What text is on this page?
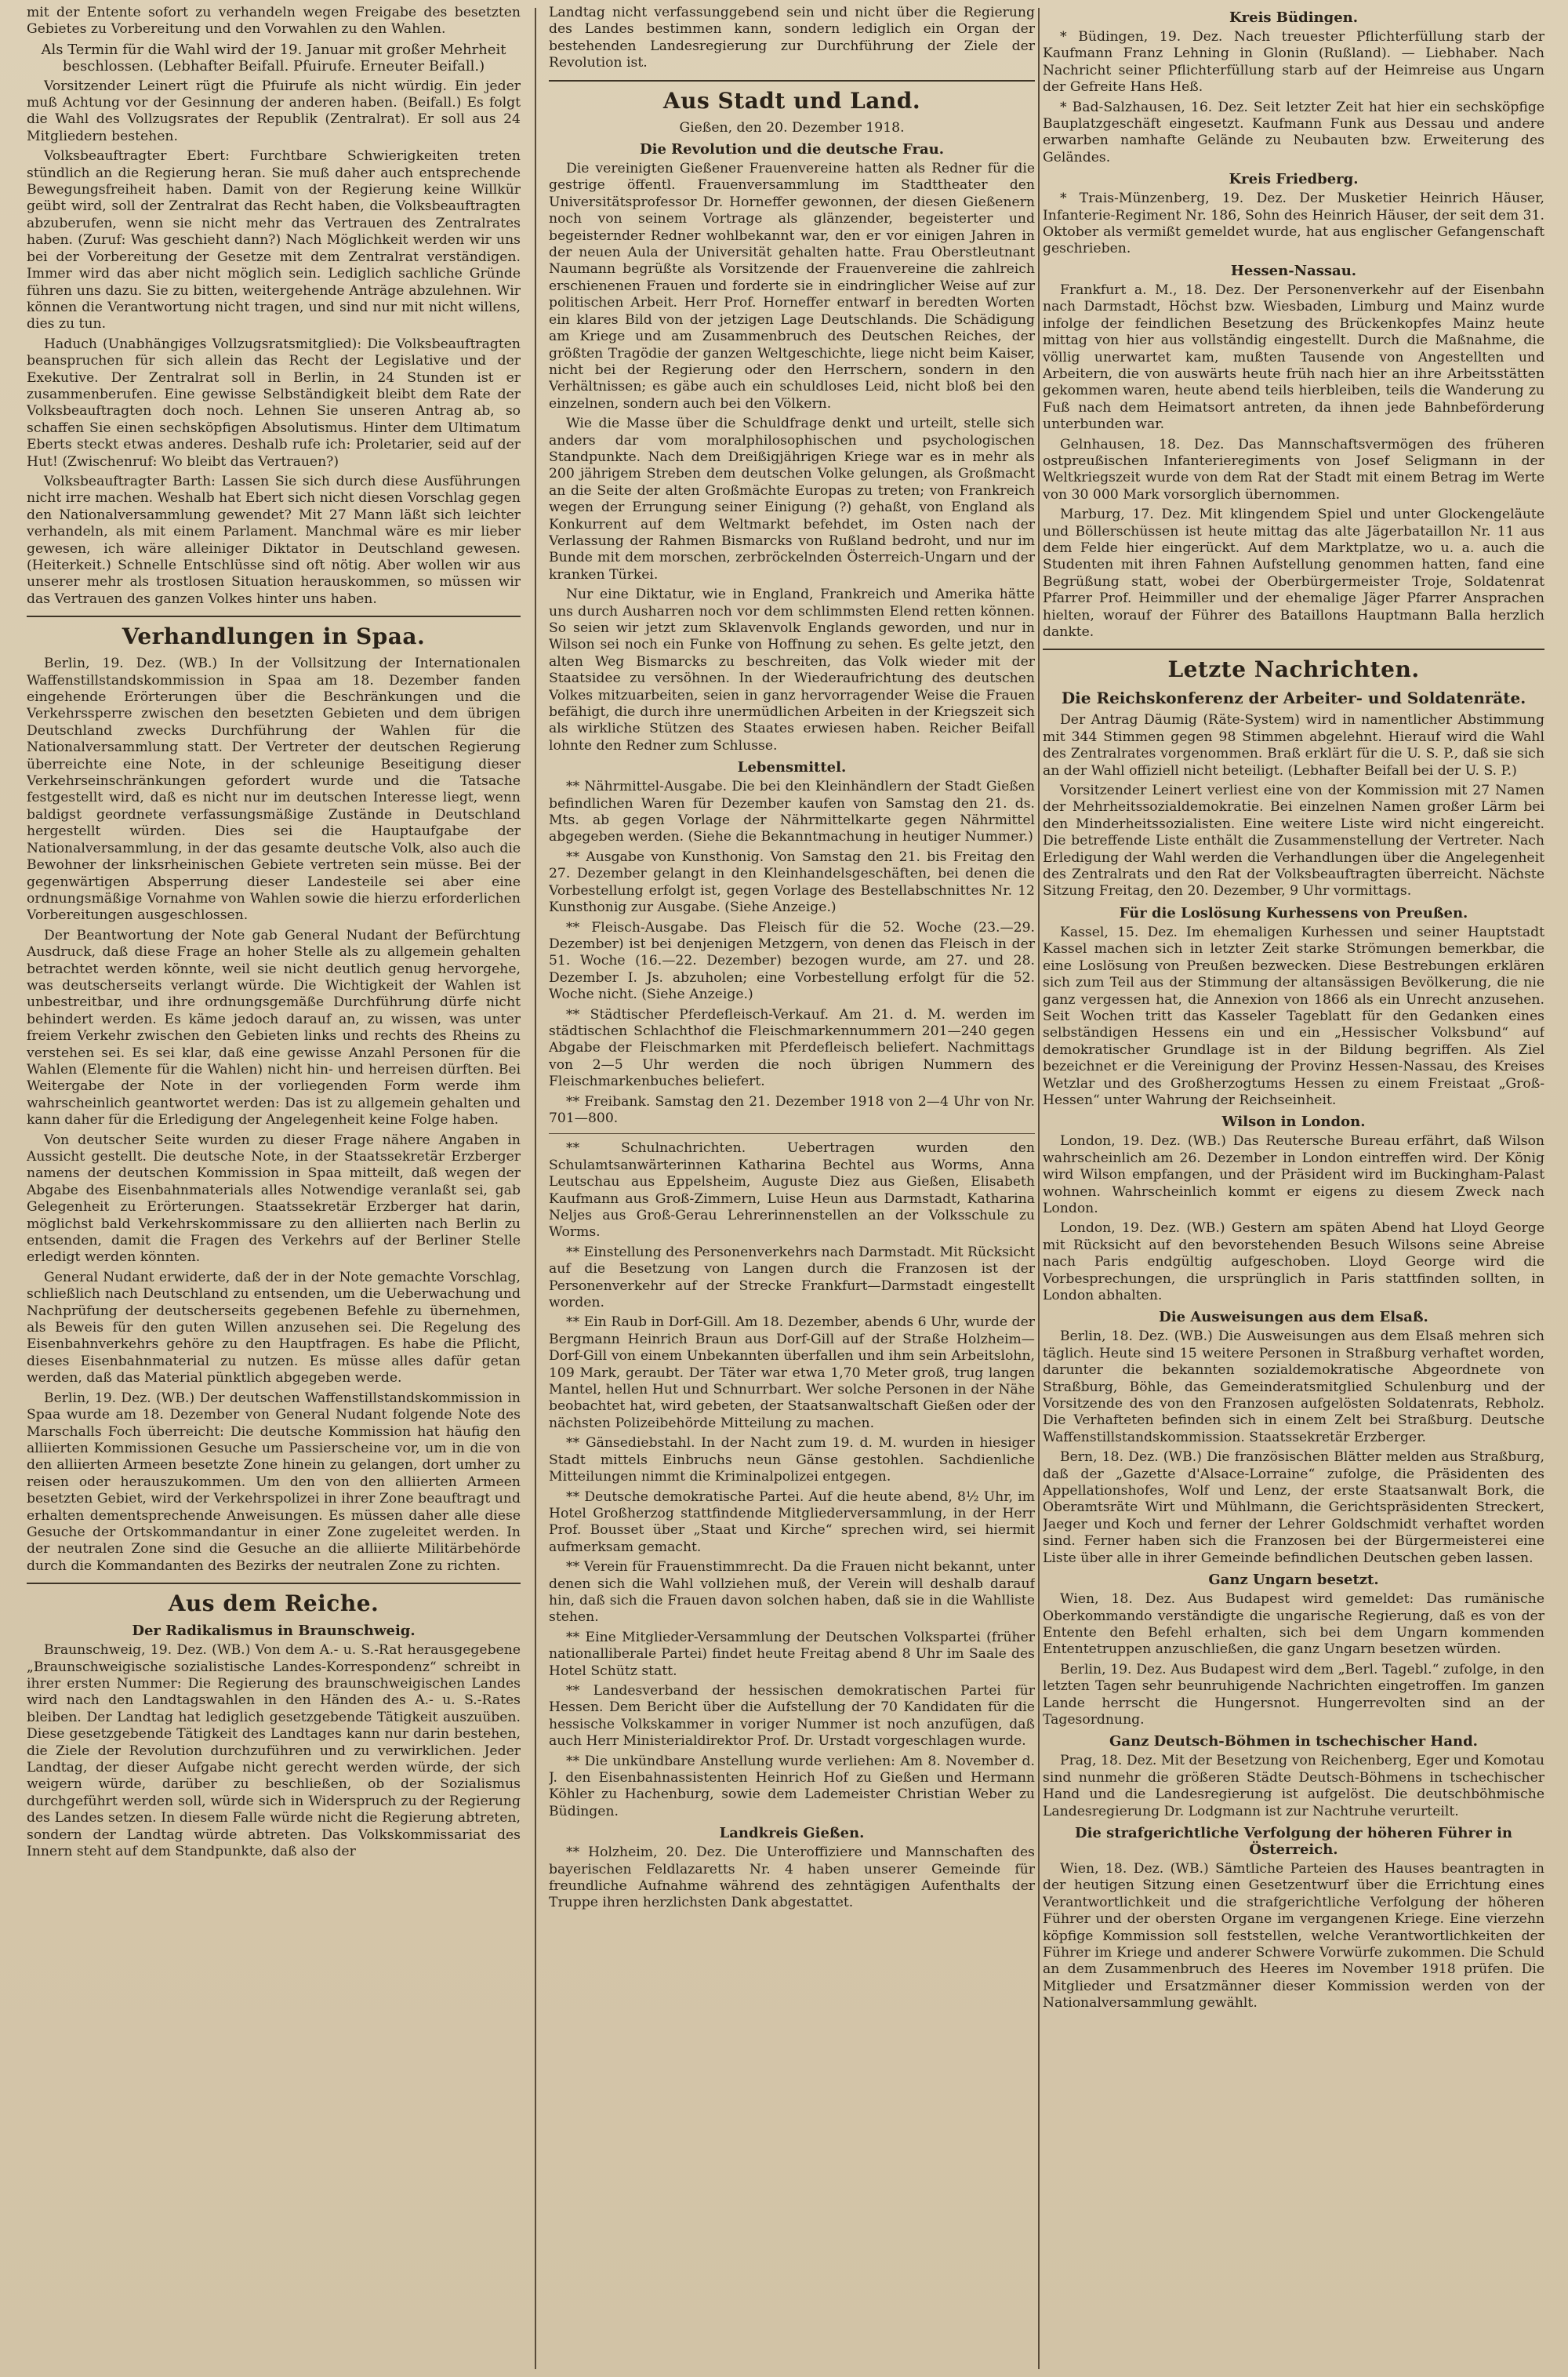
mit der Entente sofort zu verhandeln wegen Freigabe des besetzten Gebietes zu Vorbereitung und den Vorwahlen zu den Wahlen.

Als Termin für die Wahl wird der 19. Januar mit großer Mehrheit beschlossen. (Lebhafter Beifall. Pfuirufe. Erneuter Beifall.)

Vorsitzender Leinert rügt die Pfuirufe als nicht würdig. Ein jeder muß Achtung vor der Gesinnung der anderen haben. (Beifall.) Es folgt die Wahl des Vollzugsrates der Republik (Zentralrat). Er soll aus 24 Mitgliedern bestehen.

Volksbeauftragter Ebert: Furchtbare Schwierigkeiten treten stündlich an die Regierung heran. Sie muß daher auch entsprechende Bewegungsfreiheit haben. Damit von der Regierung keine Willkür geübt wird, soll der Zentralrat das Recht haben, die Volksbeauftragten abzuberufen, wenn sie nicht mehr das Vertrauen des Zentralrates haben. (Zuruf: Was geschieht dann?) Nach Möglichkeit werden wir uns bei der Vorbereitung der Gesetze mit dem Zentralrat verständigen. Immer wird das aber nicht möglich sein. Lediglich sachliche Gründe führen uns dazu. Sie zu bitten, weitergehende Anträge abzulehnen. Wir können die Verantwortung nicht tragen, und sind nur mit nicht willens, dies zu tun.

Haduch (Unabhängiges Vollzugsratsmitglied): Die Volksbeauftragten beanspruchen für sich allein das Recht der Legislative und der Exekutive. Der Zentralrat soll in Berlin, in 24 Stunden ist er zusammenberufen. Eine gewisse Selbständigkeit bleibt dem Rate der Volksbeauftragten doch noch. Lehnen Sie unseren Antrag ab, so schaffen Sie einen sechsköpfigen Absolutismus. Hinter dem Ultimatum Eberts steckt etwas anderes. Deshalb rufe ich: Proletarier, seid auf der Hut! (Zwischenruf: Wo bleibt das Vertrauen?)

Volksbeauftragter Barth: Lassen Sie sich durch diese Ausführungen nicht irre machen. Weshalb hat Ebert sich nicht diesen Vorschlag gegen den Nationalversammlung gewendet? Mit 27 Mann läßt sich leichter verhandeln, als mit einem Parlament. Manchmal wäre es mir lieber gewesen, ich wäre alleiniger Diktator in Deutschland gewesen. (Heiterkeit.) Schnelle Entschlüsse sind oft nötig. Aber wollen wir aus unserer mehr als trostlosen Situation herauskommen, so müssen wir das Vertrauen des ganzen Volkes hinter uns haben.

Verhandlungen in Spaa.

Berlin, 19. Dez. (WB.) In der Vollsitzung der Internationalen Waffenstillstandskommission in Spaa am 18. Dezember fanden eingehende Erörterungen über die Beschränkungen und die Verkehrssperre zwischen den besetzten Gebieten und dem übrigen Deutschland zwecks Durchführung der Wahlen für die Nationalversammlung statt. Der Vertreter der deutschen Regierung überreichte eine Note, in der schleunige Beseitigung dieser Verkehrseinschränkungen gefordert wurde und die Tatsache festgestellt wird, daß es nicht nur im deutschen Interesse liegt, wenn baldigst geordnete verfassungsmäßige Zustände in Deutschland hergestellt würden. Dies sei die Hauptaufgabe der Nationalversammlung, in der das gesamte deutsche Volk, also auch die Bewohner der linksrheinischen Gebiete vertreten sein müsse. Bei der gegenwärtigen Absperrung dieser Landesteile sei aber eine ordnungsmäßige Vornahme von Wahlen sowie die hierzu erforderlichen Vorbereitungen ausgeschlossen.

Der Beantwortung der Note gab General Nudant der Befürchtung Ausdruck, daß diese Frage an hoher Stelle als zu allgemein gehalten betrachtet werden könnte, weil sie nicht deutlich genug hervorgehe, was deutscherseits verlangt würde. Die Wichtigkeit der Wahlen ist unbestreitbar, und ihre ordnungsgemäße Durchführung dürfe nicht behindert werden. Es käme jedoch darauf an, zu wissen, was unter freiem Verkehr zwischen den Gebieten links und rechts des Rheins zu verstehen sei. Es sei klar, daß eine gewisse Anzahl Personen für die Wahlen (Elemente für die Wahlen) nicht hin- und herreisen dürften. Bei Weitergabe der Note in der vorliegenden Form werde ihm wahrscheinlich geantwortet werden: Das ist zu allgemein gehalten und kann daher für die Erledigung der Angelegenheit keine Folge haben.

Von deutscher Seite wurden zu dieser Frage nähere Angaben in Aussicht gestellt. Die deutsche Note, in der Staatssekretär Erzberger namens der deutschen Kommission in Spaa mitteilt, daß wegen der Abgabe des Eisenbahnmaterials alles Notwendige veranlaßt sei, gab Gelegenheit zu Erörterungen. Staatssekretär Erzberger hat darin, möglichst bald Verkehrskommissare zu den alliierten nach Berlin zu entsenden, damit die Fragen des Verkehrs auf der Berliner Stelle erledigt werden könnten.

General Nudant erwiderte, daß der in der Note gemachte Vorschlag, schließlich nach Deutschland zu entsenden, um die Ueberwachung und Nachprüfung der deutscherseits gegebenen Befehle zu übernehmen, als Beweis für den guten Willen anzusehen sei. Die Regelung des Eisenbahnverkehrs gehöre zu den Hauptfragen. Es habe die Pflicht, dieses Eisenbahnmaterial zu nutzen. Es müsse alles dafür getan werden, daß das Material pünktlich abgegeben werde.

Berlin, 19. Dez. (WB.) Der deutschen Waffenstillstandskommission in Spaa wurde am 18. Dezember von General Nudant folgende Note des Marschalls Foch überreicht: Die deutsche Kommission hat häufig den alliierten Kommissionen Gesuche um Passierscheine vor, um in die von den alliierten Armeen besetzte Zone hinein zu gelangen, dort umher zu reisen oder herauszukommen. Um den von den alliierten Armeen besetzten Gebiet, wird der Verkehrspolizei in ihrer Zone beauftragt und erhalten dementsprechende Anweisungen. Es müssen daher alle diese Gesuche der Ortskommandantur in einer Zone zugeleitet werden. In der neutralen Zone sind die Gesuche an die alliierte Militärbehörde durch die Kommandanten des Bezirks der neutralen Zone zu richten.

Aus dem Reiche.
Der Radikalismus in Braunschweig.

Braunschweig, 19. Dez. (WB.) Von dem A.- u. S.-Rat herausgegebene „Braunschweigische sozialistische Landes-Korrespondenz“ schreibt in ihrer ersten Nummer: Die Regierung des braunschweigischen Landes wird nach den Landtagswahlen in den Händen des A.- u. S.-Rates bleiben. Der Landtag hat lediglich gesetzgebende Tätigkeit auszuüben. Diese gesetzgebende Tätigkeit des Landtages kann nur darin bestehen, die Ziele der Revolution durchzuführen und zu verwirklichen. Jeder Landtag, der dieser Aufgabe nicht gerecht werden würde, der sich weigern würde, darüber zu beschließen, ob der Sozialismus durchgeführt werden soll, würde sich in Widerspruch zu der Regierung des Landes setzen. In diesem Falle würde nicht die Regierung abtreten, sondern der Landtag würde abtreten. Das Volkskommissariat des Innern steht auf dem Standpunkte, daß also der

Landtag nicht verfassunggebend sein und nicht über die Regierung des Landes bestimmen kann, sondern lediglich ein Organ der bestehenden Landesregierung zur Durchführung der Ziele der Revolution ist.

Aus Stadt und Land.

Gießen, den 20. Dezember 1918.

Die Revolution und die deutsche Frau.

Die vereinigten Gießener Frauenvereine hatten als Redner für die gestrige öffentl. Frauenversammlung im Stadttheater den Universitätsprofessor Dr. Horneffer gewonnen, der diesen Gießenern noch von seinem Vortrage als glänzender, begeisterter und begeisternder Redner wohlbekannt war, den er vor einigen Jahren in der neuen Aula der Universität gehalten hatte. Frau Oberstleutnant Naumann begrüßte als Vorsitzende der Frauenvereine die zahlreich erschienenen Frauen und forderte sie in eindringlicher Weise auf zur politischen Arbeit. Herr Prof. Horneffer entwarf in beredten Worten ein klares Bild von der jetzigen Lage Deutschlands. Die Schädigung am Kriege und am Zusammenbruch des Deutschen Reiches, der größten Tragödie der ganzen Weltgeschichte, liege nicht beim Kaiser, nicht bei der Regierung oder den Herrschern, sondern in den Verhältnissen; es gäbe auch ein schuldloses Leid, nicht bloß bei den einzelnen, sondern auch bei den Völkern.

Wie die Masse über die Schuldfrage denkt und urteilt, stelle sich anders dar vom moralphilosophischen und psychologischen Standpunkte. Nach dem Dreißigjährigen Kriege war es in mehr als 200 jährigem Streben dem deutschen Volke gelungen, als Großmacht an die Seite der alten Großmächte Europas zu treten; von Frankreich wegen der Errungung seiner Einigung (?) gehaßt, von England als Konkurrent auf dem Weltmarkt befehdet, im Osten nach der Verlassung der Rahmen Bismarcks von Rußland bedroht, und nur im Bunde mit dem morschen, zerbröckelnden Österreich-Ungarn und der kranken Türkei.

Nur eine Diktatur, wie in England, Frankreich und Amerika hätte uns durch Ausharren noch vor dem schlimmsten Elend retten können. So seien wir jetzt zum Sklavenvolk Englands geworden, und nur in Wilson sei noch ein Funke von Hoffnung zu sehen. Es gelte jetzt, den alten Weg Bismarcks zu beschreiten, das Volk wieder mit der Staatsidee zu versöhnen. In der Wiederaufrichtung des deutschen Volkes mitzuarbeiten, seien in ganz hervorragender Weise die Frauen befähigt, die durch ihre unermüdlichen Arbeiten in der Kriegszeit sich als wirkliche Stützen des Staates erwiesen haben. Reicher Beifall lohnte den Redner zum Schlusse.

Lebensmittel.

** Nährmittel-Ausgabe. Die bei den Kleinhändlern der Stadt Gießen befindlichen Waren für Dezember kaufen von Samstag den 21. ds. Mts. ab gegen Vorlage der Nährmittelkarte gegen Nährmittel abgegeben werden. (Siehe die Bekanntmachung in heutiger Nummer.)

** Ausgabe von Kunsthonig. Von Samstag den 21. bis Freitag den 27. Dezember gelangt in den Kleinhandelsgeschäften, bei denen die Vorbestellung erfolgt ist, gegen Vorlage des Bestellabschnittes Nr. 12 Kunsthonig zur Ausgabe. (Siehe Anzeige.)

** Fleisch-Ausgabe. Das Fleisch für die 52. Woche (23.—29. Dezember) ist bei denjenigen Metzgern, von denen das Fleisch in der 51. Woche (16.—22. Dezember) bezogen wurde, am 27. und 28. Dezember I. Js. abzuholen; eine Vorbestellung erfolgt für die 52. Woche nicht. (Siehe Anzeige.)

** Städtischer Pferdefleisch-Verkauf. Am 21. d. M. werden im städtischen Schlachthof die Fleischmarkennummern 201—240 gegen Abgabe der Fleischmarken mit Pferdefleisch beliefert. Nachmittags von 2—5 Uhr werden die noch übrigen Nummern des Fleischmarkenbuches beliefert.

** Freibank. Samstag den 21. Dezember 1918 von 2—4 Uhr von Nr. 701—800.

** Schulnachrichten. Uebertragen wurden den Schulamtsanwärterinnen Katharina Bechtel aus Worms, Anna Leutschau aus Eppelsheim, Auguste Diez aus Gießen, Elisabeth Kaufmann aus Groß-Zimmern, Luise Heun aus Darmstadt, Katharina Neljes aus Groß-Gerau Lehrerinnenstellen an der Volksschule zu Worms.

** Einstellung des Personenverkehrs nach Darmstadt. Mit Rücksicht auf die Besetzung von Langen durch die Franzosen ist der Personenverkehr auf der Strecke Frankfurt—Darmstadt eingestellt worden.

** Ein Raub in Dorf-Gill. Am 18. Dezember, abends 6 Uhr, wurde der Bergmann Heinrich Braun aus Dorf-Gill auf der Straße Holzheim—Dorf-Gill von einem Unbekannten überfallen und ihm sein Arbeitslohn, 109 Mark, geraubt. Der Täter war etwa 1,70 Meter groß, trug langen Mantel, hellen Hut und Schnurrbart. Wer solche Personen in der Nähe beobachtet hat, wird gebeten, der Staatsanwaltschaft Gießen oder der nächsten Polizeibehörde Mitteilung zu machen.

** Gänsediebstahl. In der Nacht zum 19. d. M. wurden in hiesiger Stadt mittels Einbruchs neun Gänse gestohlen. Sachdienliche Mitteilungen nimmt die Kriminalpolizei entgegen.

** Deutsche demokratische Partei. Auf die heute abend, 8½ Uhr, im Hotel Großherzog stattfindende Mitgliederversammlung, in der Herr Prof. Bousset über „Staat und Kirche“ sprechen wird, sei hiermit aufmerksam gemacht.

** Verein für Frauenstimmrecht. Da die Frauen nicht bekannt, unter denen sich die Wahl vollziehen muß, der Verein will deshalb darauf hin, daß sich die Frauen davon solchen haben, daß sie in die Wahlliste stehen.

** Eine Mitglieder-Versammlung der Deutschen Volkspartei (früher nationalliberale Partei) findet heute Freitag abend 8 Uhr im Saale des Hotel Schütz statt.

** Landesverband der hessischen demokratischen Partei für Hessen. Dem Bericht über die Aufstellung der 70 Kandidaten für die hessische Volkskammer in voriger Nummer ist noch anzufügen, daß auch Herr Ministerialdirektor Prof. Dr. Urstadt vorgeschlagen wurde.

** Die unkündbare Anstellung wurde verliehen: Am 8. November d. J. den Eisenbahnassistenten Heinrich Hof zu Gießen und Hermann Köhler zu Hachenburg, sowie dem Lademeister Christian Weber zu Büdingen.

Landkreis Gießen.

** Holzheim, 20. Dez. Die Unteroffiziere und Mannschaften des bayerischen Feldlazaretts Nr. 4 haben unserer Gemeinde für freundliche Aufnahme während des zehntägigen Aufenthalts der Truppe ihren herzlichsten Dank abgestattet.

Kreis Büdingen.

* Büdingen, 19. Dez. Nach treuester Pflichterfüllung starb der Kaufmann Franz Lehning in Glonin (Rußland). — Liebhaber. Nach Nachricht seiner Pflichterfüllung starb auf der Heimreise aus Ungarn der Gefreite Hans Heß.

* Bad-Salzhausen, 16. Dez. Seit letzter Zeit hat hier ein sechsköpfige Bauplatzgeschäft eingesetzt. Kaufmann Funk aus Dessau und andere erwarben namhafte Gelände zu Neubauten bzw. Erweiterung des Geländes.

Kreis Friedberg.

* Trais-Münzenberg, 19. Dez. Der Musketier Heinrich Häuser, Infanterie-Regiment Nr. 186, Sohn des Heinrich Häuser, der seit dem 31. Oktober als vermißt gemeldet wurde, hat aus englischer Gefangenschaft geschrieben.

Hessen-Nassau.

Frankfurt a. M., 18. Dez. Der Personenverkehr auf der Eisenbahn nach Darmstadt, Höchst bzw. Wiesbaden, Limburg und Mainz wurde infolge der feindlichen Besetzung des Brückenkopfes Mainz heute mittag von hier aus vollständig eingestellt. Durch die Maßnahme, die völlig unerwartet kam, mußten Tausende von Angestellten und Arbeitern, die von auswärts heute früh nach hier an ihre Arbeitsstätten gekommen waren, heute abend teils hierbleiben, teils die Wanderung zu Fuß nach dem Heimatsort antreten, da ihnen jede Bahnbeförderung unterbunden war.

Gelnhausen, 18. Dez. Das Mannschaftsvermögen des früheren ostpreußischen Infanterieregiments von Josef Seligmann in der Weltkriegszeit wurde von dem Rat der Stadt mit einem Betrag im Werte von 30 000 Mark vorsorglich übernommen.

Marburg, 17. Dez. Mit klingendem Spiel und unter Glockengeläute und Böllerschüssen ist heute mittag das alte Jägerbataillon Nr. 11 aus dem Felde hier eingerückt. Auf dem Marktplatze, wo u. a. auch die Studenten mit ihren Fahnen Aufstellung genommen hatten, fand eine Begrüßung statt, wobei der Oberbürgermeister Troje, Soldatenrat Pfarrer Prof. Heimmiller und der ehemalige Jäger Pfarrer Ansprachen hielten, worauf der Führer des Bataillons Hauptmann Balla herzlich dankte.

Letzte Nachrichten.
Die Reichskonferenz der Arbeiter- und Soldatenräte.

Der Antrag Däumig (Räte-System) wird in namentlicher Abstimmung mit 344 Stimmen gegen 98 Stimmen abgelehnt. Hierauf wird die Wahl des Zentralrates vorgenommen. Braß erklärt für die U. S. P., daß sie sich an der Wahl offiziell nicht beteiligt. (Lebhafter Beifall bei der U. S. P.)

Vorsitzender Leinert verliest eine von der Kommission mit 27 Namen der Mehrheitssozialdemokratie. Bei einzelnen Namen großer Lärm bei den Minderheitssozialisten. Eine weitere Liste wird nicht eingereicht. Die betreffende Liste enthält die Zusammenstellung der Vertreter. Nach Erledigung der Wahl werden die Verhandlungen über die Angelegenheit des Zentralrats und den Rat der Volksbeauftragten überreicht. Nächste Sitzung Freitag, den 20. Dezember, 9 Uhr vormittags.

Für die Loslösung Kurhessens von Preußen.

Kassel, 15. Dez. Im ehemaligen Kurhessen und seiner Hauptstadt Kassel machen sich in letzter Zeit starke Strömungen bemerkbar, die eine Loslösung von Preußen bezwecken. Diese Bestrebungen erklären sich zum Teil aus der Stimmung der altansässigen Bevölkerung, die nie ganz vergessen hat, die Annexion von 1866 als ein Unrecht anzusehen. Seit Wochen tritt das Kasseler Tageblatt für den Gedanken eines selbständigen Hessens ein und ein „Hessischer Volksbund“ auf demokratischer Grundlage ist in der Bildung begriffen. Als Ziel bezeichnet er die Vereinigung der Provinz Hessen-Nassau, des Kreises Wetzlar und des Großherzogtums Hessen zu einem Freistaat „Groß-Hessen“ unter Wahrung der Reichseinheit.

Wilson in London.

London, 19. Dez. (WB.) Das Reutersche Bureau erfährt, daß Wilson wahrscheinlich am 26. Dezember in London eintreffen wird. Der König wird Wilson empfangen, und der Präsident wird im Buckingham-Palast wohnen. Wahrscheinlich kommt er eigens zu diesem Zweck nach London.

London, 19. Dez. (WB.) Gestern am späten Abend hat Lloyd George mit Rücksicht auf den bevorstehenden Besuch Wilsons seine Abreise nach Paris endgültig aufgeschoben. Lloyd George wird die Vorbesprechungen, die ursprünglich in Paris stattfinden sollten, in London abhalten.

Die Ausweisungen aus dem Elsaß.

Berlin, 18. Dez. (WB.) Die Ausweisungen aus dem Elsaß mehren sich täglich. Heute sind 15 weitere Personen in Straßburg verhaftet worden, darunter die bekannten sozialdemokratische Abgeordnete von Straßburg, Böhle, das Gemeinderatsmitglied Schulenburg und der Vorsitzende des von den Franzosen aufgelösten Soldatenrats, Rebholz. Die Verhafteten befinden sich in einem Zelt bei Straßburg. Deutsche Waffenstillstandskommission. Staatssekretär Erzberger.

Bern, 18. Dez. (WB.) Die französischen Blätter melden aus Straßburg, daß der „Gazette d'Alsace-Lorraine“ zufolge, die Präsidenten des Appellationshofes, Wolf und Lenz, der erste Staatsanwalt Bork, die Oberamtsräte Wirt und Mühlmann, die Gerichtspräsidenten Streckert, Jaeger und Koch und ferner der Lehrer Goldschmidt verhaftet worden sind. Ferner haben sich die Franzosen bei der Bürgermeisterei eine Liste über alle in ihrer Gemeinde befindlichen Deutschen geben lassen.

Ganz Ungarn besetzt.

Wien, 18. Dez. Aus Budapest wird gemeldet: Das rumänische Oberkommando verständigte die ungarische Regierung, daß es von der Entente den Befehl erhalten, sich bei dem Ungarn kommenden Ententetruppen anzuschließen, die ganz Ungarn besetzen würden.

Berlin, 19. Dez. Aus Budapest wird dem „Berl. Tagebl.“ zufolge, in den letzten Tagen sehr beunruhigende Nachrichten eingetroffen. Im ganzen Lande herrscht die Hungersnot. Hungerrevolten sind an der Tagesordnung.

Ganz Deutsch-Böhmen in tschechischer Hand.

Prag, 18. Dez. Mit der Besetzung von Reichenberg, Eger und Komotau sind nunmehr die größeren Städte Deutsch-Böhmens in tschechischer Hand und die Landesregierung ist aufgelöst. Die deutschböhmische Landesregierung Dr. Lodgmann ist zur Nachtruhe verurteilt.

Die strafgerichtliche Verfolgung der höheren Führer in Österreich.

Wien, 18. Dez. (WB.) Sämtliche Parteien des Hauses beantragten in der heutigen Sitzung einen Gesetzentwurf über die Errichtung eines Verantwortlichkeit und die strafgerichtliche Verfolgung der höheren Führer und der obersten Organe im vergangenen Kriege. Eine vierzehn köpfige Kommission soll feststellen, welche Verantwortlichkeiten der Führer im Kriege und anderer Schwere Vorwürfe zukommen. Die Schuld an dem Zusammenbruch des Heeres im November 1918 prüfen. Die Mitglieder und Ersatzmänner dieser Kommission werden von der Nationalversammlung gewählt.
